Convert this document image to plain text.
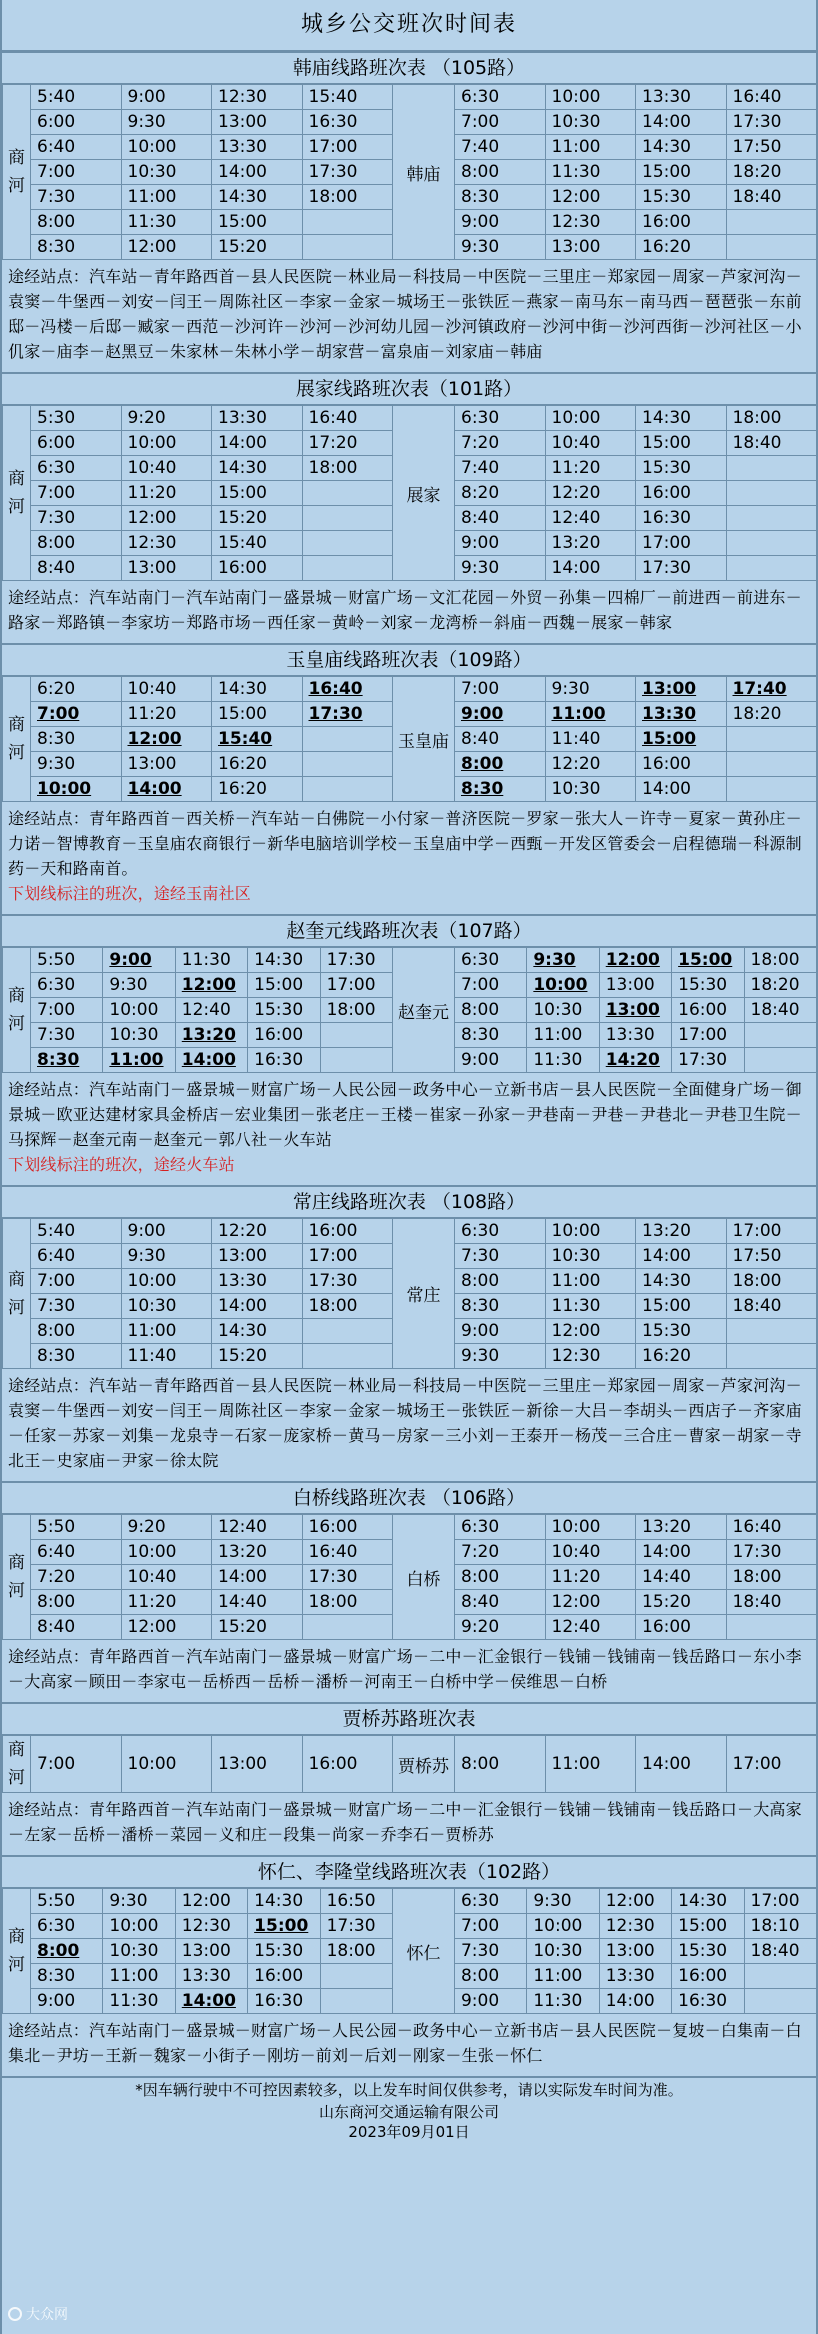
城乡公交班次时间表
韩庙线路班次表 （105路）
商
河	5:40	9:00	12:30	15:40	韩庙	6:30	10:00	13:30	16:40
	6:00	9:30	13:00	16:30		7:00	10:30	14:00	17:30
	6:40	10:00	13:30	17:00		7:40	11:00	14:30	17:50
	7:00	10:30	14:00	17:30		8:00	11:30	15:00	18:20
	7:30	11:00	14:30	18:00		8:30	12:00	15:30	18:40
	8:00	11:30	15:00			9:00	12:30	16:00	
	8:30	12:00	15:20			9:30	13:00	16:20	
途经站点：汽车站－青年路西首－县人民医院－林业局－科技局－中医院－三里庄－郑家园－周家－芦家河沟－袁窦－牛堡西－刘安－闫王－周陈社区－李家－金家－城场王－张铁匠－燕家－南马东－南马西－琶琶张－东前邸－冯楼－后邸－臧家－西范－沙河许－沙河－沙河幼儿园－沙河镇政府－沙河中街－沙河西街－沙河社区－小仉家－庙李－赵黑豆－朱家林－朱林小学－胡家营－富泉庙－刘家庙－韩庙
展家线路班次表（101路）
商
河	5:30	9:20	13:30	16:40	展家	6:30	10:00	14:30	18:00
	6:00	10:00	14:00	17:20		7:20	10:40	15:00	18:40
	6:30	10:40	14:30	18:00		7:40	11:20	15:30	
	7:00	11:20	15:00			8:20	12:20	16:00	
	7:30	12:00	15:20			8:40	12:40	16:30	
	8:00	12:30	15:40			9:00	13:20	17:00	
	8:40	13:00	16:00			9:30	14:00	17:30	
途经站点：汽车站南门－汽车站南门－盛景城－财富广场－文汇花园－外贸－孙集－四棉厂－前进西－前进东－路家－郑路镇－李家坊－郑路市场－西任家－黄岭－刘家－龙湾桥－斜庙－西魏－展家－韩家
玉皇庙线路班次表（109路）
商
河	6:20	10:40	14:30	16:40	玉皇庙	7:00	9:30	13:00	17:40
	7:00	11:20	15:00	17:30		9:00	11:00	13:30	18:20
	8:30	12:00	15:40			8:40	11:40	15:00	
	9:30	13:00	16:20			8:00	12:20	16:00	
	10:00	14:00	16:20			8:30	10:30	14:00	
途经站点：青年路西首－西关桥－汽车站－白佛院－小付家－普济医院－罗家－张大人－许寺－夏家－黄孙庄－力诺－智博教育－玉皇庙农商银行－新华电脑培训学校－玉皇庙中学－西甄－开发区管委会－启程德瑞－科源制药－天和路南首。
下划线标注的班次，途经玉南社区
赵奎元线路班次表（107路）
商
河	5:50	9:00	11:30	14:30	17:30	赵奎元	6:30	9:30	12:00	15:00	18:00
	6:30	9:30	12:00	15:00	17:00		7:00	10:00	13:00	15:30	18:20
	7:00	10:00	12:40	15:30	18:00		8:00	10:30	13:00	16:00	18:40
	7:30	10:30	13:20	16:00			8:30	11:00	13:30	17:00	
	8:30	11:00	14:00	16:30			9:00	11:30	14:20	17:30	
途经站点：汽车站南门－盛景城－财富广场－人民公园－政务中心－立新书店－县人民医院－全面健身广场－御景城－欧亚达建材家具金桥店－宏业集团－张老庄－王楼－崔家－孙家－尹巷南－尹巷－尹巷北－尹巷卫生院－马探辉－赵奎元南－赵奎元－郭八社－火车站
下划线标注的班次，途经火车站
常庄线路班次表 （108路）
商
河	5:40	9:00	12:20	16:00	常庄	6:30	10:00	13:20	17:00
	6:40	9:30	13:00	17:00		7:30	10:30	14:00	17:50
	7:00	10:00	13:30	17:30		8:00	11:00	14:30	18:00
	7:30	10:30	14:00	18:00		8:30	11:30	15:00	18:40
	8:00	11:00	14:30			9:00	12:00	15:30	
	8:30	11:40	15:20			9:30	12:30	16:20	
途经站点：汽车站－青年路西首－县人民医院－林业局－科技局－中医院－三里庄－郑家园－周家－芦家河沟－袁窦－牛堡西－刘安－闫王－周陈社区－李家－金家－城场王－张铁匠－新徐－大吕－李胡头－西店子－齐家庙－任家－苏家－刘集－龙泉寺－石家－庞家桥－黄马－房家－三小刘－王泰开－杨茂－三合庄－曹家－胡家－寺北王－史家庙－尹家－徐太院
白桥线路班次表 （106路）
商
河	5:50	9:20	12:40	16:00	白桥	6:30	10:00	13:20	16:40
	6:40	10:00	13:20	16:40		7:20	10:40	14:00	17:30
	7:20	10:40	14:00	17:30		8:00	11:20	14:40	18:00
	8:00	11:20	14:40	18:00		8:40	12:00	15:20	18:40
	8:40	12:00	15:20			9:20	12:40	16:00	
途经站点：青年路西首－汽车站南门－盛景城－财富广场－二中－汇金银行－钱铺－钱铺南－钱岳路口－东小李－大高家－顾田－李家屯－岳桥西－岳桥－潘桥－河南王－白桥中学－侯维思－白桥
贾桥苏路班次表
商
河
	7:00	10:00	13:00	16:00	贾桥苏	8:00	11:00	14:00	17:00
途经站点：青年路西首－汽车站南门－盛景城－财富广场－二中－汇金银行－钱铺－钱铺南－钱岳路口－大高家－左家－岳桥－潘桥－菜园－义和庄－段集－尚家－乔李石－贾桥苏
怀仁、李隆堂线路班次表（102路）
商
河	5:50	9:30	12:00	14:30	16:50	怀仁	6:30	9:30	12:00	14:30	17:00
	6:30	10:00	12:30	15:00	17:30		7:00	10:00	12:30	15:00	18:10
	8:00	10:30	13:00	15:30	18:00		7:30	10:30	13:00	15:30	18:40
	8:30	11:00	13:30	16:00			8:00	11:00	13:30	16:00	
	9:00	11:30	14:00	16:30			9:00	11:30	14:00	16:30	
途经站点：汽车站南门－盛景城－财富广场－人民公园－政务中心－立新书店－县人民医院－复坡－白集南－白集北－尹坊－王新－魏家－小街子－刚坊－前刘－后刘－刚家－生张－怀仁
*因车辆行驶中不可控因素较多，以上发车时间仅供参考，请以实际发车时间为准。
山东商河交通运输有限公司
2023年09月01日
大众网
